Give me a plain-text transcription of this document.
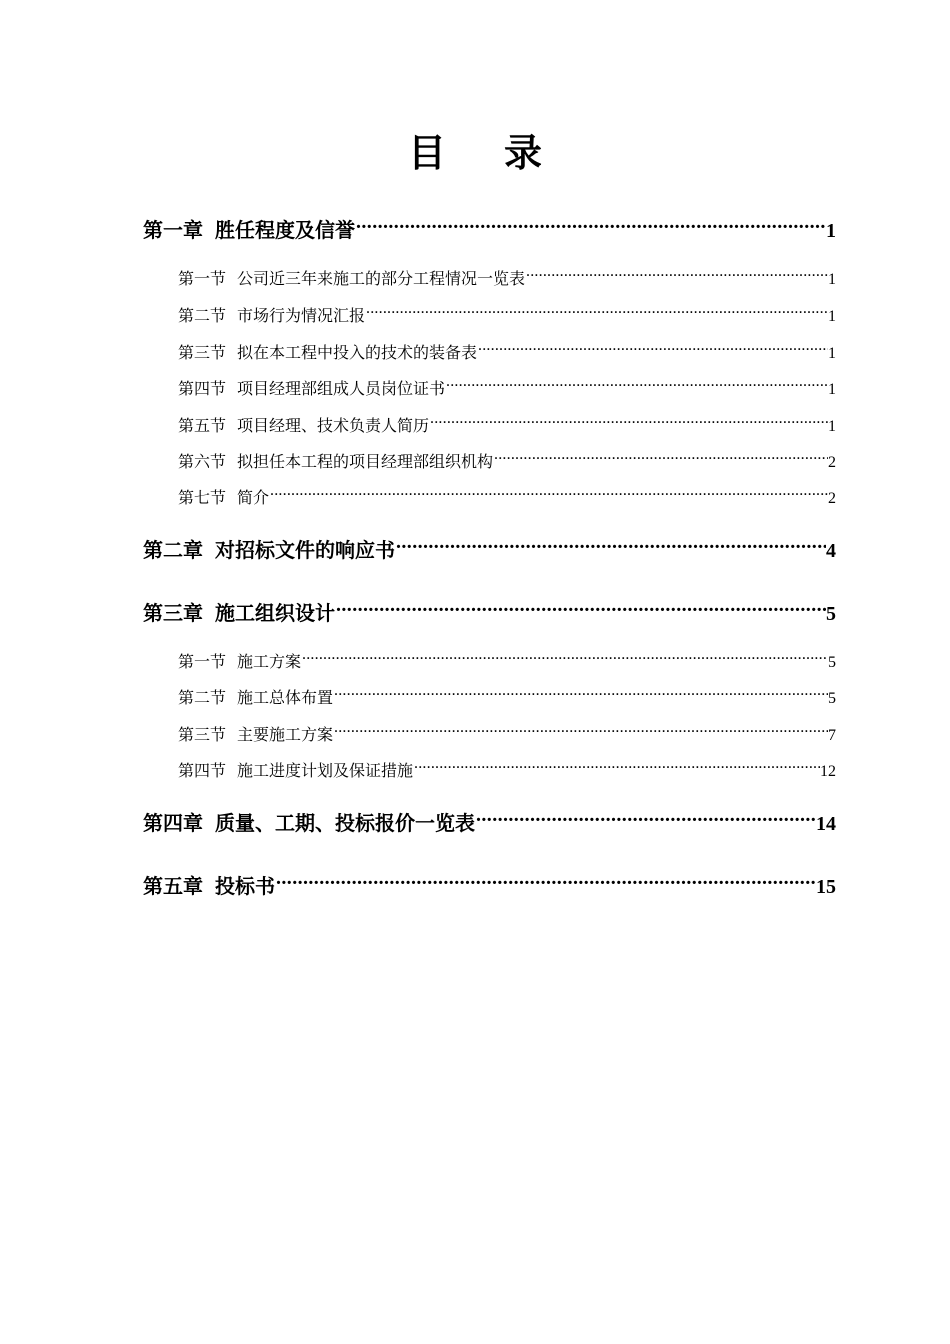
目 录
第一章 胜任程度及信誉 .....	1
第一节 公司近三年来施工的部分工程情况一览表 .....	1
第二节 市场行为情况汇报 .....	1
第三节 拟在本工程中投入的技术的装备表 .....	1
第四节 项目经理部组成人员岗位证书 .....	1
第五节 项目经理、技术负责人简历 .....	1
第六节 拟担任本工程的项目经理部组织机构 .....	2
第七节 简介 .....	2
第二章 对招标文件的响应书 .....	4
第三章 施工组织设计 .....	5
第一节 施工方案 .....	5
第二节 施工总体布置 .....	5
第三节 主要施工方案 .....	7
第四节 施工进度计划及保证措施 .....	12
第四章 质量、工期、投标报价一览表 .....	14
第五章 投标书 .....	15
